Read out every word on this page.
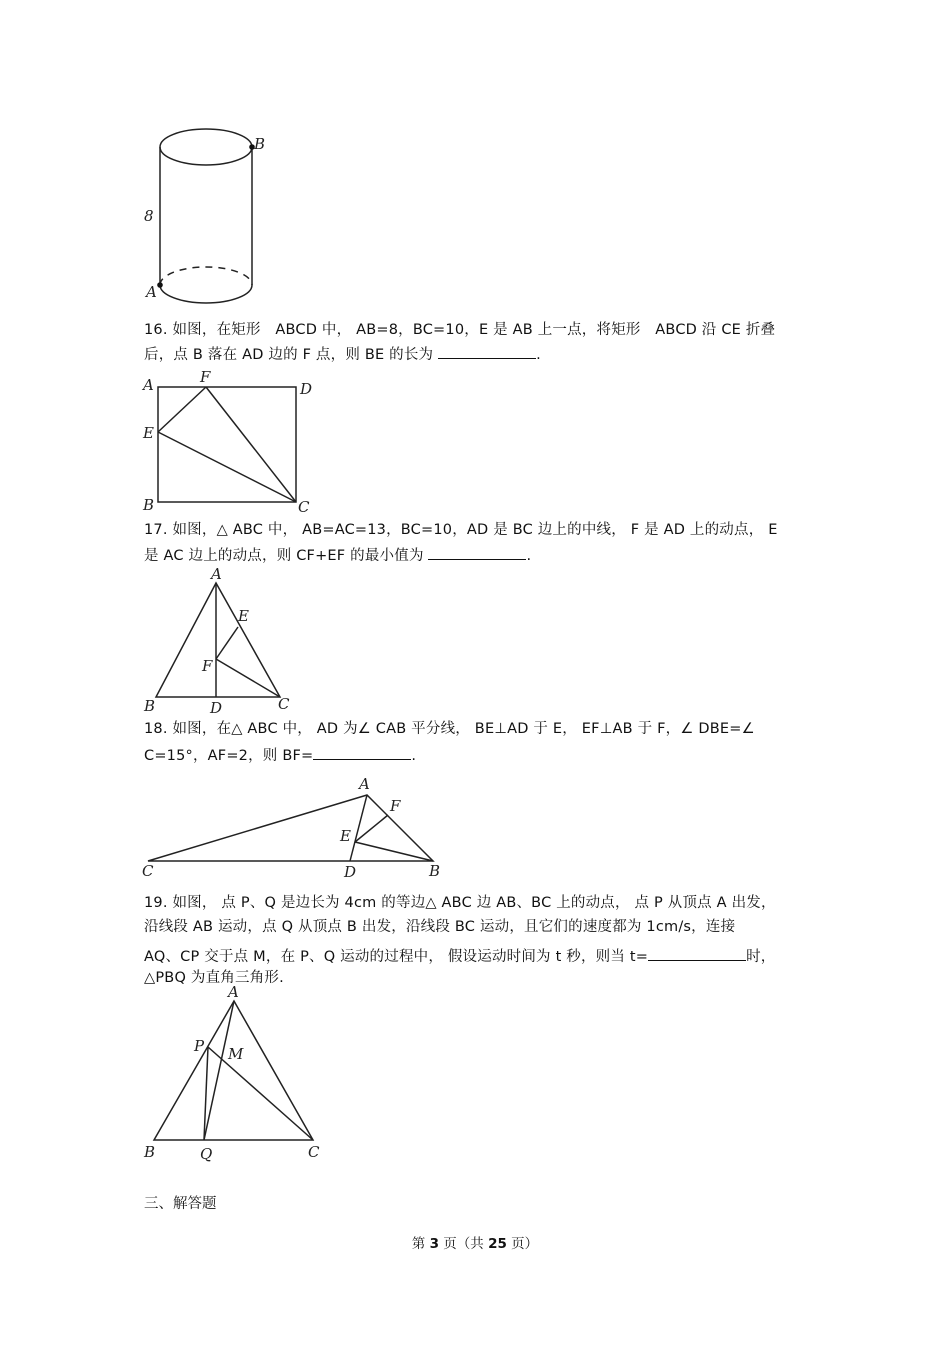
8
B
A
16. 如图，在矩形　ABCD 中， AB=8，BC=10，E 是 AB 上一点，将矩形　ABCD 沿 CE 折叠
后，点 B 落在 AD 边的 F 点，则 BE 的长为	.
A	F
D
E
B	C
17. 如图，△ ABC 中， AB=AC=13，BC=10，AD 是 BC 边上的中线， F 是 AD 上的动点， E
是 AC 边上的动点，则 CF+EF 的最小值为	.
A
E
F
B	D	C
18. 如图，在△ ABC 中， AD 为∠ CAB 平分线， BE⊥AD 于 E， EF⊥AB 于 F，∠ DBE=∠
C=15°，AF=2，则 BF=	.
A
F
E
C	D	B
19. 如图， 点 P、Q 是边长为 4cm 的等边△ ABC 边 AB、BC 上的动点， 点 P 从顶点 A 出发，
沿线段 AB 运动，点 Q 从顶点 B 出发，沿线段 BC 运动，且它们的速度都为 1cm/s，连接
AQ、CP 交于点 M，在 P、Q 运动的过程中， 假设运动时间为 t 秒，则当 t=	时，
△PBQ 为直角三角形.
A
P M
B	Q	C
三、解答题
第 3 页（共 25 页）
